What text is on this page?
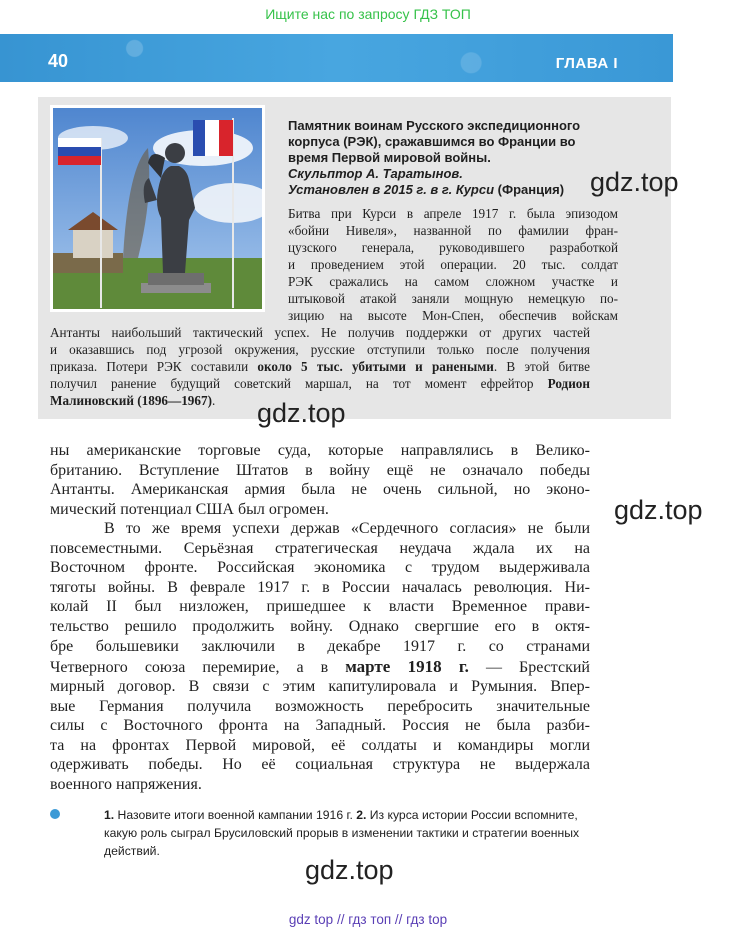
Ищите нас по запросу ГДЗ ТОП
40	ГЛАВА I
Памятник воинам Русского экспедиционного корпуса (РЭК), сражавшимся во Франции во время Первой мировой войны.
Скульптор А. Таратынов.
Установлен в 2015 г. в г. Курси (Франция)
Битва при Курси в апреле 1917 г. была эпизодом
«бойни Нивеля», названной по фамилии фран-
цузского генерала, руководившего разработкой
и проведением этой операции. 20 тыс. солдат
РЭК сражались на самом сложном участке и
штыковой атакой заняли мощную немецкую по-
зицию на высоте Мон-Спен, обеспечив войскам
Антанты наибольший тактический успех. Не получив поддержки от других частей
и оказавшись под угрозой окружения, русские отступили только после получения
приказа. Потери РЭК составили около 5 тыс. убитыми и ранеными. В этой битве
получил ранение будущий советский маршал, на тот момент ефрейтор Родион
Малиновский (1896—1967).
ны американские торговые суда, которые направлялись в Велико-
британию. Вступление Штатов в войну ещё не означало победы
Антанты. Американская армия была не очень сильной, но эконо-
мический потенциал США был огромен.
В то же время успехи держав «Сердечного согласия» не были
повсеместными. Серьёзная стратегическая неудача ждала их на
Восточном фронте. Российская экономика с трудом выдерживала
тяготы войны. В феврале 1917 г. в России началась революция. Ни-
колай II был низложен, пришедшее к власти Временное прави-
тельство решило продолжить войну. Однако свергшие его в октя-
бре большевики заключили в декабре 1917 г. со странами
Четверного союза перемирие, а в марте 1918 г. — Брестский
мирный договор. В связи с этим капитулировала и Румыния. Впер-
вые Германия получила возможность перебросить значительные
силы с Восточного фронта на Западный. Россия не была разби-
та на фронтах Первой мировой, её солдаты и командиры могли
одерживать победы. Но её социальная структура не выдержала
военного напряжения.
1. Назовите итоги военной кампании 1916 г. 2. Из курса истории России вспомните, какую роль сыграл Брусиловский прорыв в изменении тактики и стратегии военных действий.
gdz.top
gdz.top
gdz.top
gdz.top
gdz top // гдз топ // гдз top
